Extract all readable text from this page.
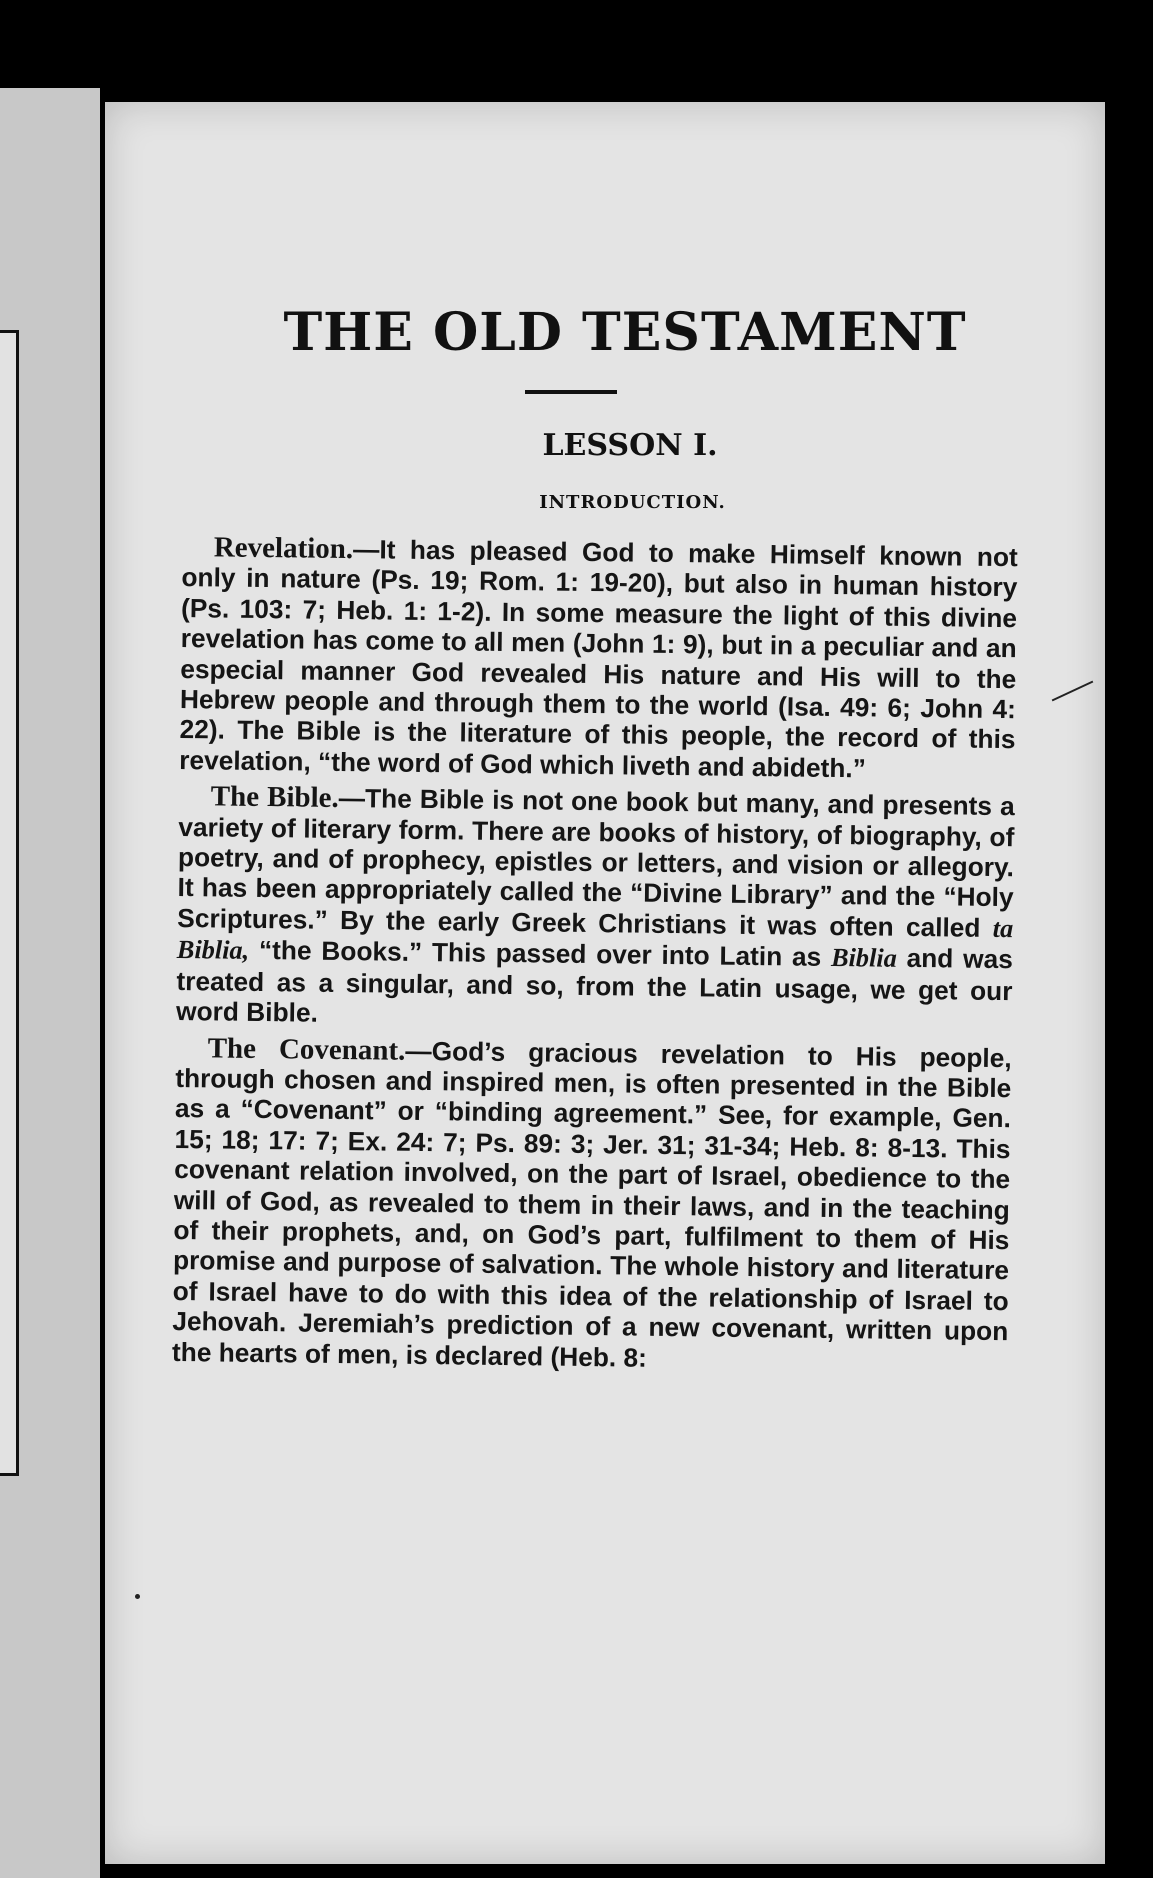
THE OLD TESTAMENT
LESSON I.
INTRODUCTION.

Revelation.—It has pleased God to make Himself known not only in nature (Ps. 19; Rom. 1: 19-20), but also in human history (Ps. 103: 7; Heb. 1: 1-2). In some measure the light of this divine revelation has come to all men (John 1: 9), but in a peculiar and an especial manner God revealed His nature and His will to the Hebrew people and through them to the world (Isa. 49: 6; John 4: 22). The Bible is the literature of this people, the record of this revelation, “the word of God which liveth and abideth.”

The Bible.—The Bible is not one book but many, and presents a variety of literary form. There are books of history, of biography, of poetry, and of prophecy, epistles or letters, and vision or allegory. It has been appropriately called the “Divine Library” and the “Holy Scriptures.” By the early Greek Christians it was often called ta Biblia, “the Books.” This passed over into Latin as Biblia and was treated as a singular, and so, from the Latin usage, we get our word Bible.

The Covenant.—God’s gracious revelation to His people, through chosen and inspired men, is often presented in the Bible as a “Covenant” or “binding agreement.” See, for example, Gen. 15; 18; 17: 7; Ex. 24: 7; Ps. 89: 3; Jer. 31; 31-34; Heb. 8: 8-13. This covenant relation involved, on the part of Israel, obedience to the will of God, as revealed to them in their laws, and in the teaching of their prophets, and, on God’s part, fulfilment to them of His promise and purpose of salvation. The whole history and literature of Israel have to do with this idea of the relationship of Israel to Jehovah. Jeremiah’s prediction of a new covenant, written upon the hearts of men, is declared (Heb. 8:
